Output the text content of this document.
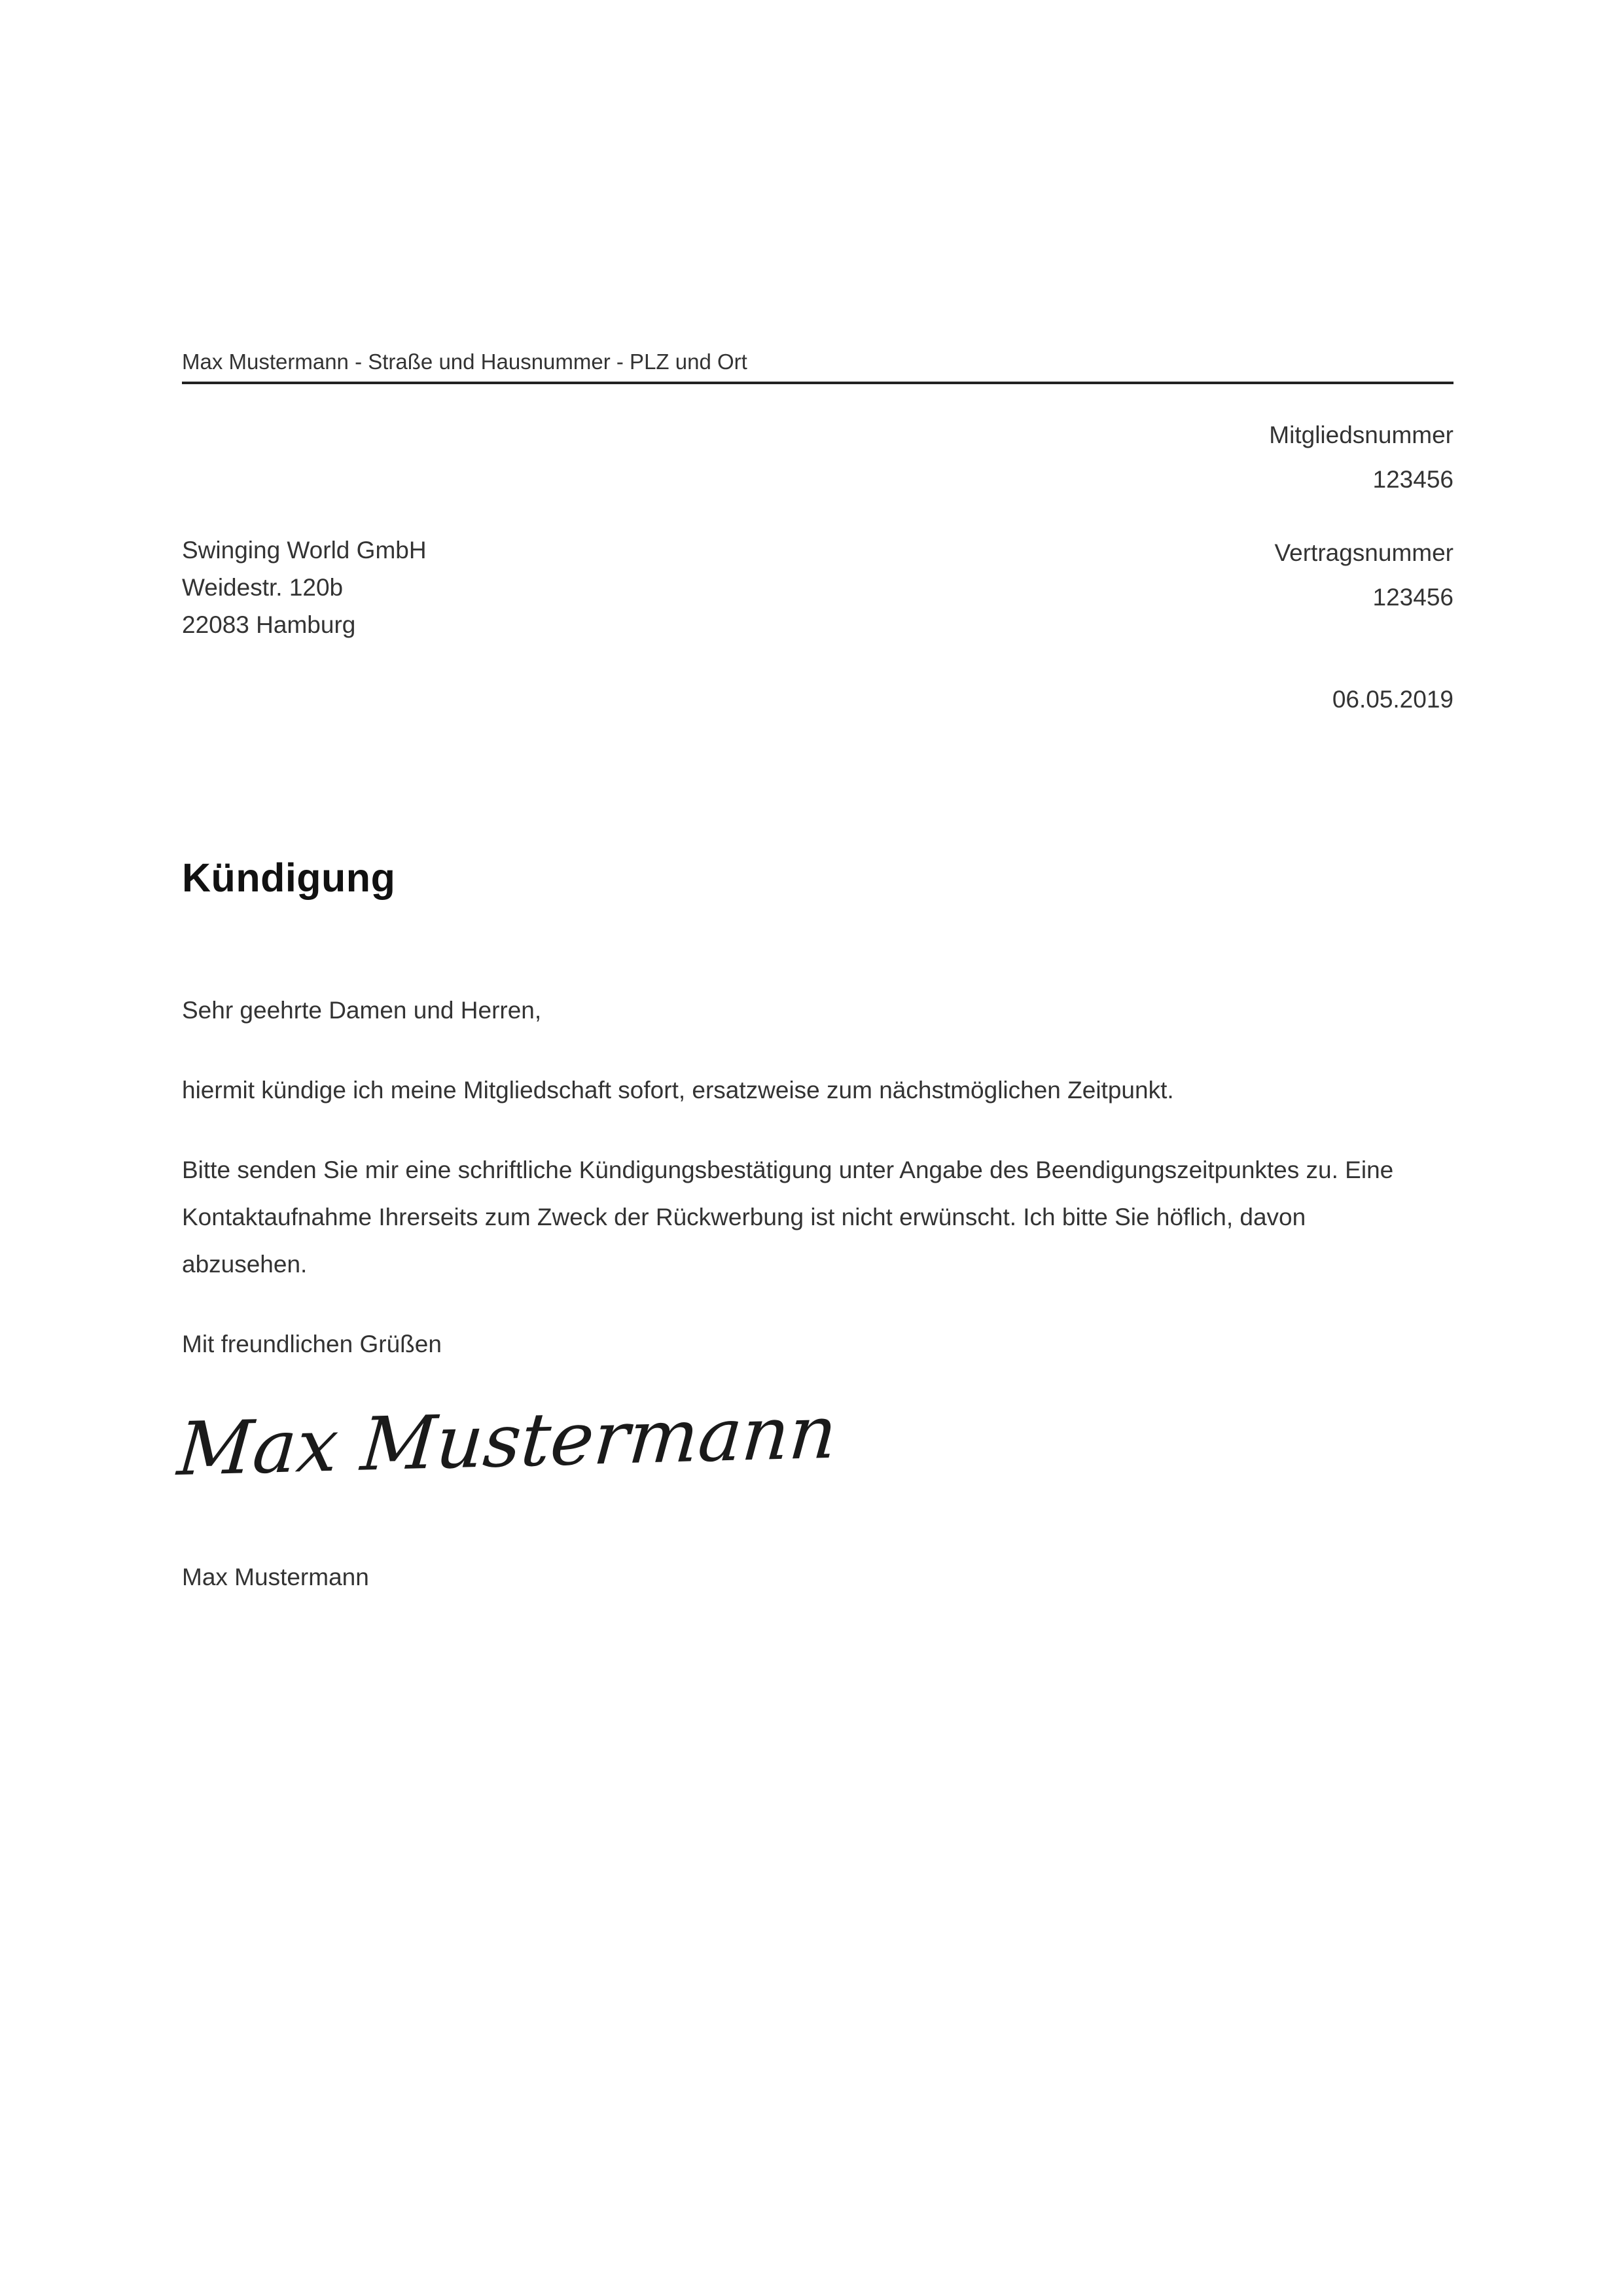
Max Mustermann - Straße und Hausnummer - PLZ und Ort
Mitgliedsnummer
123456
Vertragsnummer
123456
06.05.2019
Swinging World GmbH
Weidestr. 120b
22083 Hamburg
Kündigung

Sehr geehrte Damen und Herren,

hiermit kündige ich meine Mitgliedschaft sofort, ersatzweise zum nächstmöglichen Zeitpunkt.

Bitte senden Sie mir eine schriftliche Kündigungsbestätigung unter Angabe des Beendigungszeitpunktes zu. Eine Kontaktaufnahme Ihrerseits zum Zweck der Rückwerbung ist nicht erwünscht. Ich bitte Sie höflich, davon abzusehen.

Mit freundlichen Grüßen

Max Mustermann
Max Mustermann
